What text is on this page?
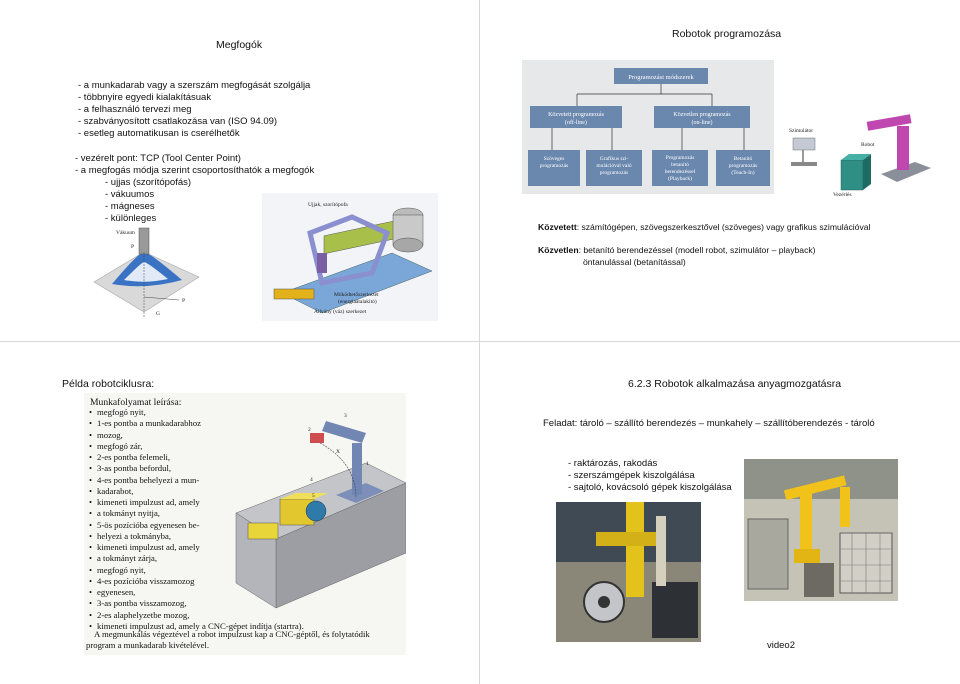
Megfogók
- a munkadarab vagy a szerszám megfogását szolgálja
- többnyire egyedi kialakításuak
- a felhasználó tervezi meg
- szabványosított csatlakozása van (ISO 94.09)
- esetleg automatikusan is cserélhetők
- vezérelt pont: TCP (Tool Center Point)
- a megfogás módja szerint csoportosíthatók a megfogók
- ujjas (szorítópofás)
- vákuumos
- mágneses
- különleges
Vákuum
P
P
G
Ujjak, szorítópofa
Működtetőszerkezet
(energiaátalakító)
Állvány (váz) szerkezet
Robotok programozása
Programozási módszerek
Közvetett programozás
(off-line)
Közvetlen programozás
(on-line)
Szöveges
programozás
Grafikus szi-
mulációval való
programozás
Programozás
betanító
berendezéssel
(Playback)
Betanító
programozás
(Teach-In)
Szimulátor
Robot
Vezérlés
Közvetett: számítógépen, szövegszerkesztővel (szöveges) vagy grafikus szimulációval
Közvetlen: betanító berendezéssel (modell robot, szimulátor – playback)
öntanulással (betanítással)
Példa robotciklusra:
Munkafolyamat leírása:
• megfogó nyit,
• 1-es pontba a munkadarabhoz
• mozog,
• megfogó zár,
• 2-es pontba felemeli,
• 3-as pontba befordul,
• 4-es pontba behelyezi a mun-
• kadarabot,
• kimeneti impulzust ad, amely
• a tokmányt nyitja,
• 5-ös pozícióba egyenesen be-
• helyezi a tokmányba,
• kimeneti impulzust ad, amely
• a tokmányt zárja,
• megfogó nyit,
• 4-es pozícióba visszamozog
• egyenesen,
• 3-as pontba visszamozog,
• 2-es alaphelyzetbe mozog,
• kimeneti impulzust ad, amely a CNC-gépet indítja (startra).
A megmunkálás végeztével a robot impulzust kap a CNC-géptől, és folytatódik
program a munkadarab kivételével.
2
3
4
5
1
X
6.2.3 Robotok alkalmazása anyagmozgatásra
Feladat: tároló – szállító berendezés – munkahely – szállítóberendezés - tároló
- raktározás, rakodás
- szerszámgépek kiszolgálása
- sajtoló, kovácsoló gépek kiszolgálása
video2
